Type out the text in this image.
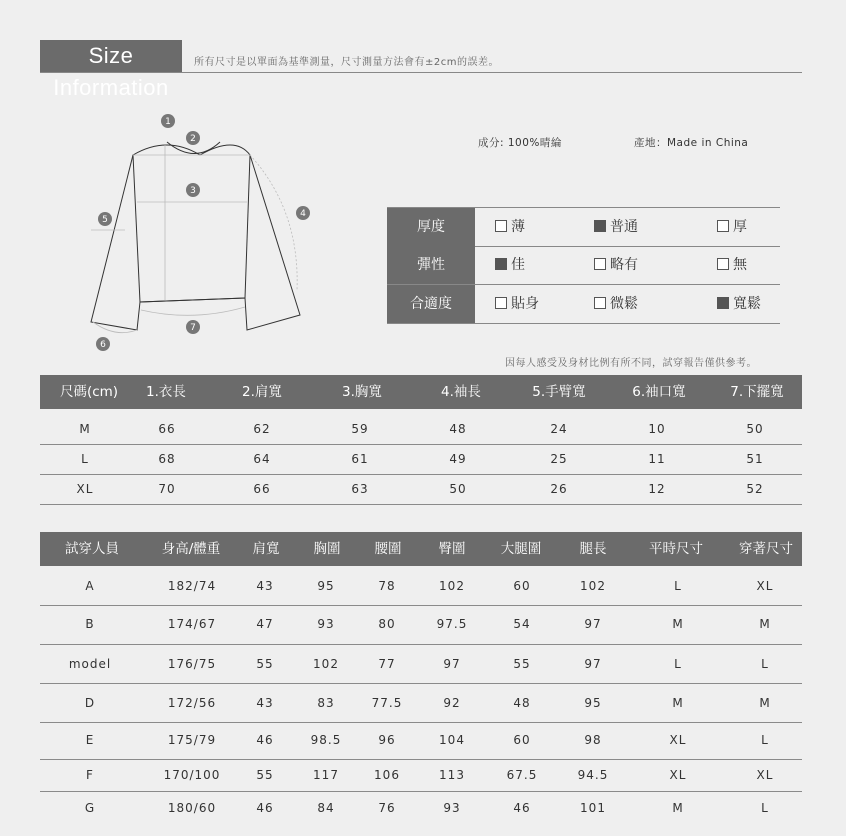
Size Information
所有尺寸是以單面為基準測量，尺寸測量方法會有±2cm的誤差。
1
2
3
4
5
6
7
成分: 100%晴綸	產地：Made in China
厚度	薄	普通	厚
彈性	佳	略有	無
合適度	貼身	微鬆	寬鬆
因每人感受及身材比例有所不同，試穿報告僅供參考。
尺碼(cm) 1.衣長	2.肩寬	3.胸寬	4.袖長	5.手臂寬	6.袖口寬	7.下擺寬
M	66	62	59	48	24	10	50
L	68	64	61	49	25	11	51
XL	70	66	63	50	26	12	52
試穿人員	身高/體重 肩寬	胸圍	腰圍	臀圍	大腿圍	腿長	平時尺寸	穿著尺寸
A	182/74	43	95	78	102	60	102	L	XL
B	174/67	47	93	80	97.5	54	97	M	M
model	176/75	55	102	77	97	55	97	L	L
D	172/56	43	83	77.5	92	48	95	M	M
E	175/79	46	98.5	96	104	60	98	XL	L
F	170/100	55	117	106	113	67.5	94.5	XL	XL
G	180/60	46	84	76	93	46	101	M	L
